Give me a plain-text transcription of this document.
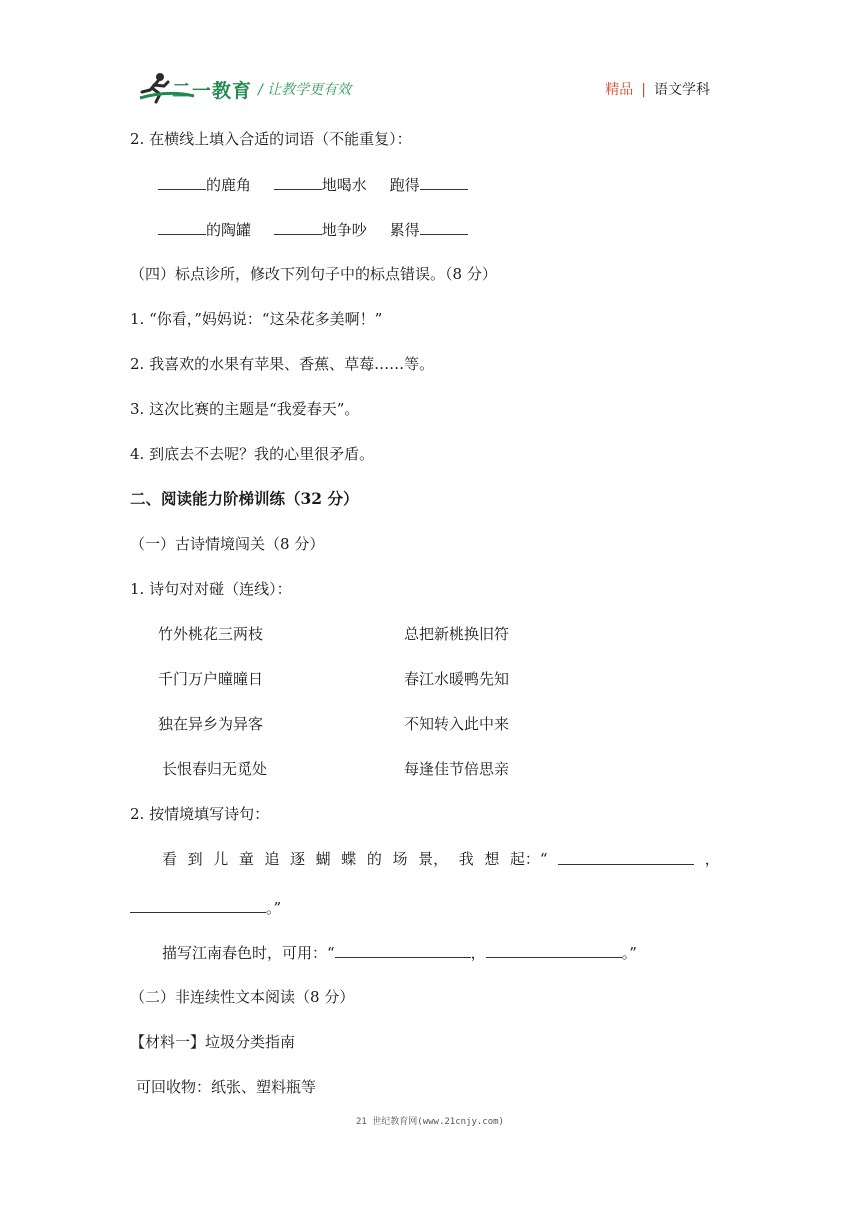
二一教育 / 让教学更有效	精品 | 语文学科
2. 在横线上填入合适的词语（不能重复）：
的鹿角	地喝水 跑得
的陶罐	地争吵 累得
（四）标点诊所，修改下列句子中的标点错误。（8 分）
1. “你看，”妈妈说：“这朵花多美啊！”
2. 我喜欢的水果有苹果、香蕉、草莓……等。
3. 这次比赛的主题是“我爱春天”。
4. 到底去不去呢？我的心里很矛盾。
二、阅读能力阶梯训练（32 分）
（一）古诗情境闯关（8 分）
1. 诗句对对碰（连线）：
竹外桃花三两枝	总把新桃换旧符
千门万户曈曈日	春江水暖鸭先知
独在异乡为异客	不知转入此中来
长恨春归无觅处	每逢佳节倍思亲
2. 按情境填写诗句：
看 到 儿 童 追 逐 蝴 蝶 的 场 景， 我 想 起：“	，
。”
描写江南春色时，可用：“	，	。”
（二）非连续性文本阅读（8 分）
【材料一】垃圾分类指南
可回收物：纸张、塑料瓶等
21 世纪教育网(www.21cnjy.com)
